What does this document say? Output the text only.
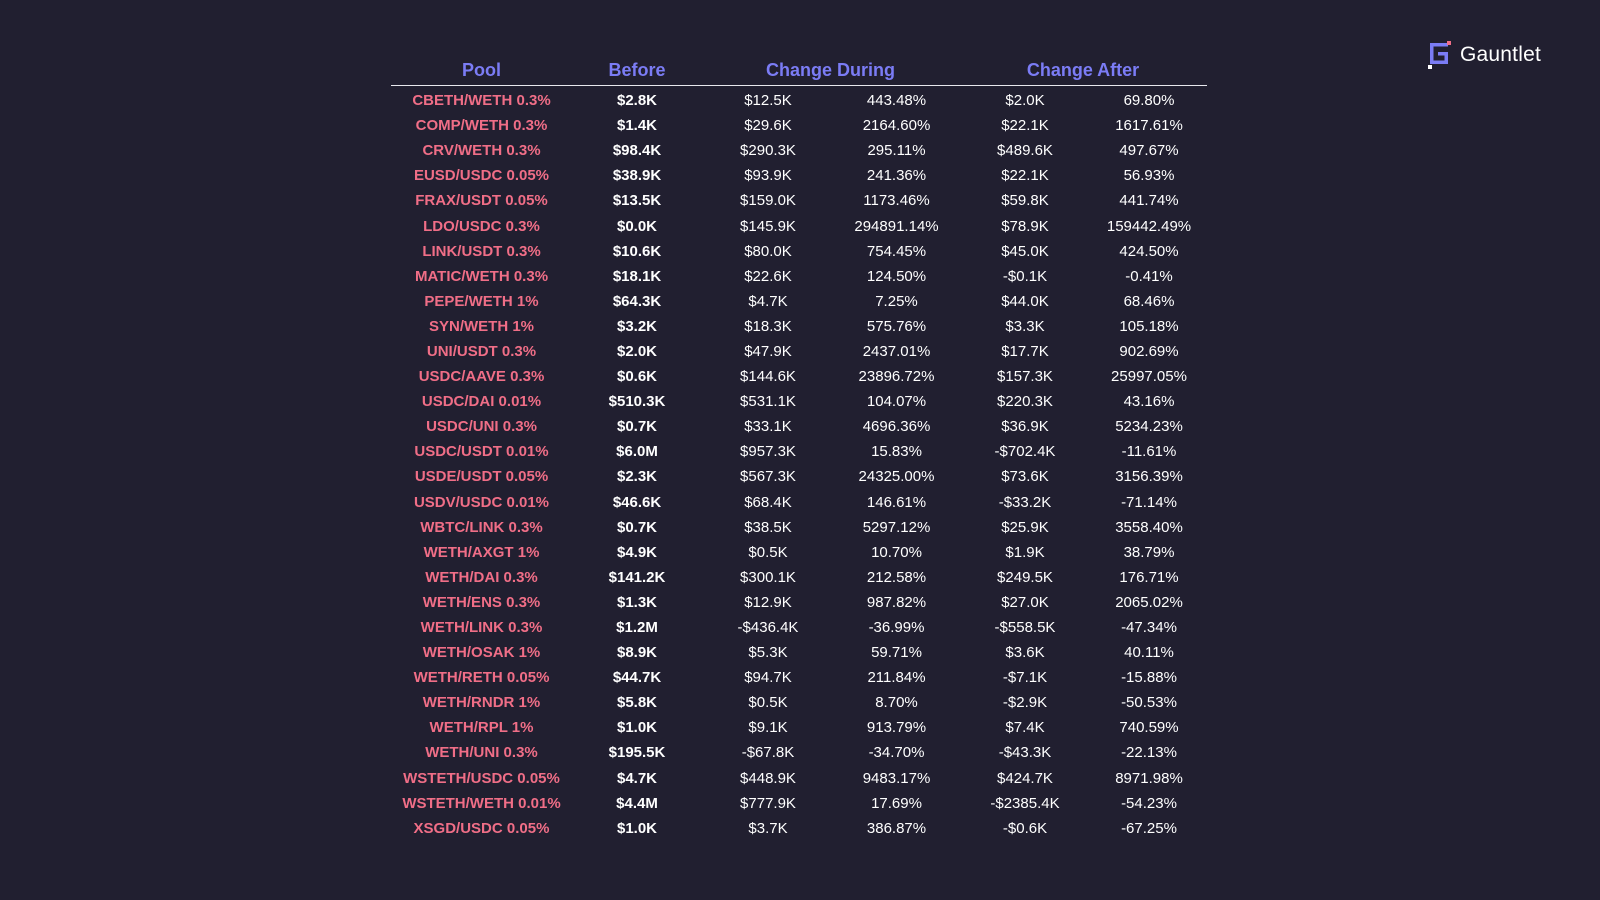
Gauntlet
Pool	Before	Change During		Change After	
CBETH/WETH 0.3%	$2.8K	$12.5K	443.48%	$2.0K	69.80%
COMP/WETH 0.3%	$1.4K	$29.6K	2164.60%	$22.1K	1617.61%
CRV/WETH 0.3%	$98.4K	$290.3K	295.11%	$489.6K	497.67%
EUSD/USDC 0.05%	$38.9K	$93.9K	241.36%	$22.1K	56.93%
FRAX/USDT 0.05%	$13.5K	$159.0K	1173.46%	$59.8K	441.74%
LDO/USDC 0.3%	$0.0K	$145.9K	294891.14%	$78.9K	159442.49%
LINK/USDT 0.3%	$10.6K	$80.0K	754.45%	$45.0K	424.50%
MATIC/WETH 0.3%	$18.1K	$22.6K	124.50%	-$0.1K	-0.41%
PEPE/WETH 1%	$64.3K	$4.7K	7.25%	$44.0K	68.46%
SYN/WETH 1%	$3.2K	$18.3K	575.76%	$3.3K	105.18%
UNI/USDT 0.3%	$2.0K	$47.9K	2437.01%	$17.7K	902.69%
USDC/AAVE 0.3%	$0.6K	$144.6K	23896.72%	$157.3K	25997.05%
USDC/DAI 0.01%	$510.3K	$531.1K	104.07%	$220.3K	43.16%
USDC/UNI 0.3%	$0.7K	$33.1K	4696.36%	$36.9K	5234.23%
USDC/USDT 0.01%	$6.0M	$957.3K	15.83%	-$702.4K	-11.61%
USDE/USDT 0.05%	$2.3K	$567.3K	24325.00%	$73.6K	3156.39%
USDV/USDC 0.01%	$46.6K	$68.4K	146.61%	-$33.2K	-71.14%
WBTC/LINK 0.3%	$0.7K	$38.5K	5297.12%	$25.9K	3558.40%
WETH/AXGT 1%	$4.9K	$0.5K	10.70%	$1.9K	38.79%
WETH/DAI 0.3%	$141.2K	$300.1K	212.58%	$249.5K	176.71%
WETH/ENS 0.3%	$1.3K	$12.9K	987.82%	$27.0K	2065.02%
WETH/LINK 0.3%	$1.2M	-$436.4K	-36.99%	-$558.5K	-47.34%
WETH/OSAK 1%	$8.9K	$5.3K	59.71%	$3.6K	40.11%
WETH/RETH 0.05%	$44.7K	$94.7K	211.84%	-$7.1K	-15.88%
WETH/RNDR 1%	$5.8K	$0.5K	8.70%	-$2.9K	-50.53%
WETH/RPL 1%	$1.0K	$9.1K	913.79%	$7.4K	740.59%
WETH/UNI 0.3%	$195.5K	-$67.8K	-34.70%	-$43.3K	-22.13%
WSTETH/USDC 0.05%	$4.7K	$448.9K	9483.17%	$424.7K	8971.98%
WSTETH/WETH 0.01%	$4.4M	$777.9K	17.69%	-$2385.4K	-54.23%
XSGD/USDC 0.05%	$1.0K	$3.7K	386.87%	-$0.6K	-67.25%
